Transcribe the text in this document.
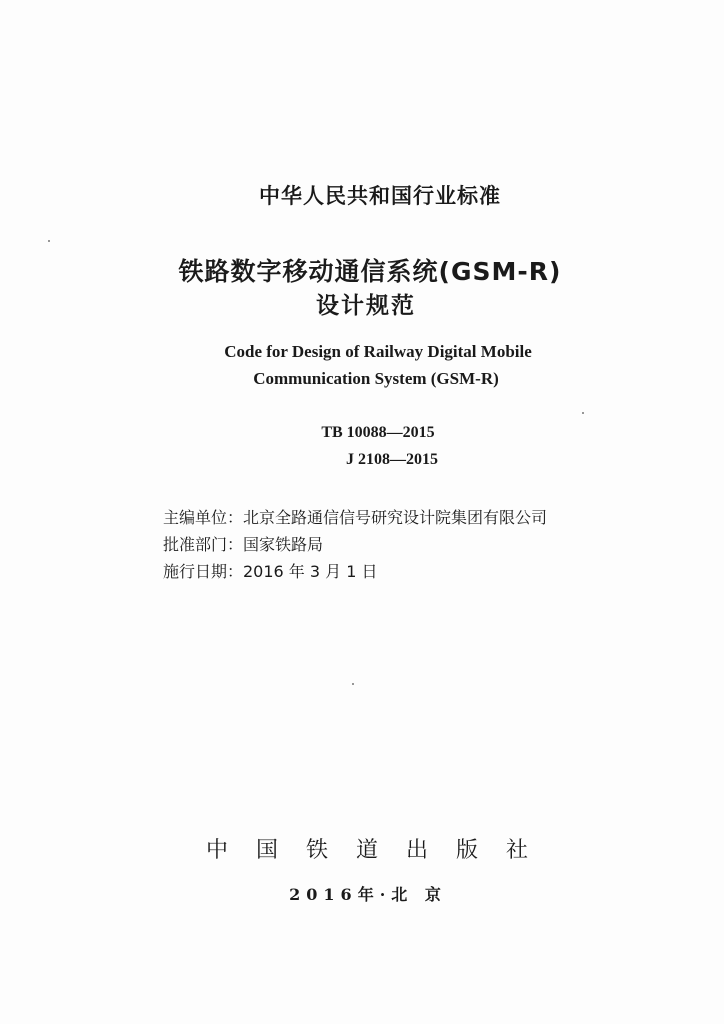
中华人民共和国行业标准
铁路数字移动通信系统(GSM-R)
设计规范
Code for Design of Railway Digital Mobile
Communication System (GSM-R)
TB 10088—2015
J 2108—2015
主编单位：北京全路通信信号研究设计院集团有限公司
批准部门：国家铁路局
施行日期：2016 年 3 月 1 日
中国铁道出版社
2016年·北 京
